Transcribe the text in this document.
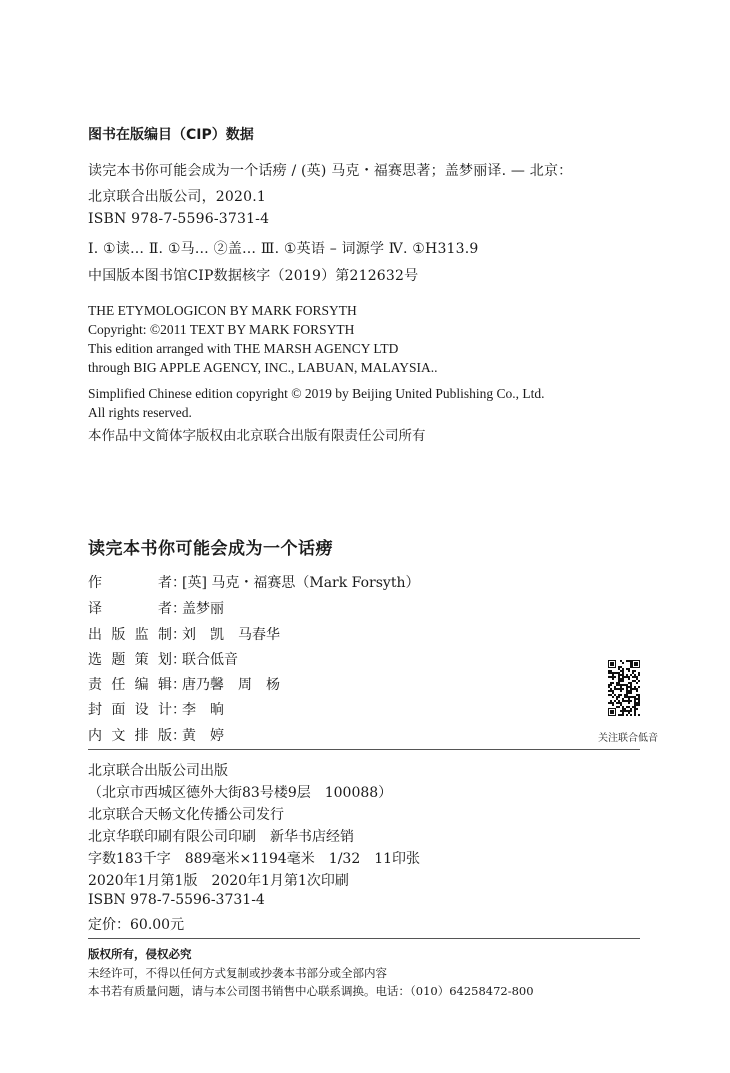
图书在版编目（CIP）数据
读完本书你可能会成为一个话痨 / (英) 马克・福赛思著；盖梦丽译. — 北京：
北京联合出版公司，2020.1
ISBN 978-7-5596-3731-4
Ⅰ. ①读… Ⅱ. ①马… ②盖… Ⅲ. ①英语 – 词源学 Ⅳ. ①H313.9
中国版本图书馆CIP数据核字（2019）第212632号
THE ETYMOLOGICON BY MARK FORSYTH
Copyright: ©2011 TEXT BY MARK FORSYTH
This edition arranged with THE MARSH AGENCY LTD
through BIG APPLE AGENCY, INC., LABUAN, MALAYSIA..
Simplified Chinese edition copyright © 2019 by Beijing United Publishing Co., Ltd.
All rights reserved.
本作品中文简体字版权由北京联合出版有限责任公司所有
读完本书你可能会成为一个话痨
作　　者：[英] 马克・福赛思（Mark Forsyth）
译　　者：盖梦丽
出版监制：刘　凯　马春华
选题策划：联合低音
责任编辑：唐乃馨　周　杨
封面设计：李　晌
内文排版：黄　婷	关注联合低音
北京联合出版公司出版
（北京市西城区德外大街83号楼9层　100088）
北京联合天畅文化传播公司发行
北京华联印刷有限公司印刷　新华书店经销
字数183千字　889毫米×1194毫米　1/32　11印张
2020年1月第1版　2020年1月第1次印刷
ISBN 978-7-5596-3731-4
定价：60.00元
版权所有，侵权必究
未经许可，不得以任何方式复制或抄袭本书部分或全部内容
本书若有质量问题，请与本公司图书销售中心联系调换。电话：（010）64258472-800
